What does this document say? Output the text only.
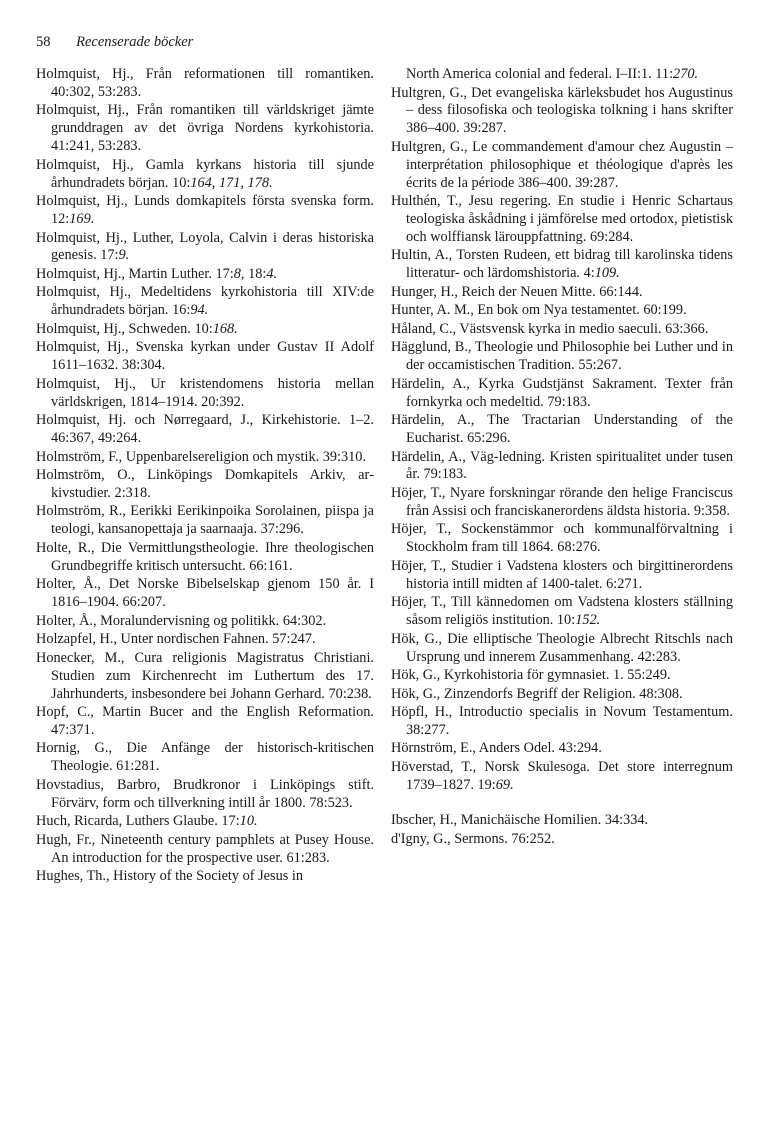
58 Recenserade böcker

Holmquist, Hj., Från reformationen till romantiken. 40:302, 53:283.

Holmquist, Hj., Från romantiken till världskriget jämte grunddragen av det övriga Nordens kyrkohistoria. 41:241, 53:283.

Holmquist, Hj., Gamla kyrkans historia till sjunde århundradets början. 10:164, 171, 178.

Holmquist, Hj., Lunds domkapitels första svenska form. 12:169.

Holmquist, Hj., Luther, Loyola, Calvin i deras historiska genesis. 17:9.

Holmquist, Hj., Martin Luther. 17:8, 18:4.

Holmquist, Hj., Medeltidens kyrkohistoria till XIV:de århundradets början. 16:94.

Holmquist, Hj., Schweden. 10:168.

Holmquist, Hj., Svenska kyrkan under Gustav II Adolf 1611–1632. 38:304.

Holmquist, Hj., Ur kristendomens historia mellan världskrigen, 1814–1914. 20:392.

Holmquist, Hj. och Nørregaard, J., Kirkehistorie. 1–2. 46:367, 49:264.

Holmström, F., Uppenbarelsereligion och mystik. 39:310.

Holmström, O., Linköpings Domkapitels Arkiv, arkivstudier. 2:318.

Holmström, R., Eerikki Eerikinpoika Sorolainen, piispa ja teologi, kansanopettaja ja saarnaaja. 37:296.

Holte, R., Die Vermittlungstheologie. Ihre theologischen Grundbegriffe kritisch untersucht. 66:161.

Holter, Å., Det Norske Bibelselskap gjenom 150 år. I 1816–1904. 66:207.

Holter, Å., Moralundervisning og politikk. 64:302.

Holzapfel, H., Unter nordischen Fahnen. 57:247.

Honecker, M., Cura religionis Magistratus Christiani. Studien zum Kirchenrecht im Luthertum des 17. Jahrhunderts, insbesondere bei Johann Gerhard. 70:238.

Hopf, C., Martin Bucer and the English Reformation. 47:371.

Hornig, G., Die Anfänge der historisch-kritischen Theologie. 61:281.

Hovstadius, Barbro, Brudkronor i Linköpings stift. Förvärv, form och tillverkning intill år 1800. 78:523.

Huch, Ricarda, Luthers Glaube. 17:10.

Hugh, Fr., Nineteenth century pamphlets at Pusey House. An introduction for the prospective user. 61:283.

Hughes, Th., History of the Society of Jesus in

North America colonial and federal. I–II:1. 11:270.

Hultgren, G., Det evangeliska kärleksbudet hos Augustinus – dess filosofiska och teologiska tolkning i hans skrifter 386–400. 39:287.

Hultgren, G., Le commandement d'amour chez Augustin – interprétation philosophique et théologique d'après les écrits de la période 386–400. 39:287.

Hulthén, T., Jesu regering. En studie i Henric Schartaus teologiska åskådning i jämförelse med ortodox, pietistisk och wolffiansk lärouppfattning. 69:284.

Hultin, A., Torsten Rudeen, ett bidrag till karolinska tidens litteratur- och lärdomshistoria. 4:109.

Hunger, H., Reich der Neuen Mitte. 66:144.

Hunter, A. M., En bok om Nya testamentet. 60:199.

Håland, C., Västsvensk kyrka in medio saeculi. 63:366.

Hägglund, B., Theologie und Philosophie bei Luther und in der occamistischen Tradition. 55:267.

Härdelin, A., Kyrka Gudstjänst Sakrament. Texter från fornkyrka och medeltid. 79:183.

Härdelin, A., The Tractarian Understanding of the Eucharist. 65:296.

Härdelin, A., Väg-ledning. Kristen spiritualitet under tusen år. 79:183.

Höjer, T., Nyare forskningar rörande den helige Franciscus från Assisi och franciskanerordens äldsta historia. 9:358.

Höjer, T., Sockenstämmor och kommunalförvaltning i Stockholm fram till 1864. 68:276.

Höjer, T., Studier i Vadstena klosters och birgittinerordens historia intill midten af 1400-talet. 6:271.

Höjer, T., Till kännedomen om Vadstena klosters ställning såsom religiös institution. 10:152.

Hök, G., Die elliptische Theologie Albrecht Ritschls nach Ursprung und innerem Zusammenhang. 42:283.

Hök, G., Kyrkohistoria för gymnasiet. 1. 55:249.

Hök, G., Zinzendorfs Begriff der Religion. 48:308.

Höpfl, H., Introductio specialis in Novum Testamentum. 38:277.

Hörnström, E., Anders Odel. 43:294.

Höverstad, T., Norsk Skulesoga. Det store interregnum 1739–1827. 19:69.

Ibscher, H., Manichäische Homilien. 34:334.

d'Igny, G., Sermons. 76:252.
